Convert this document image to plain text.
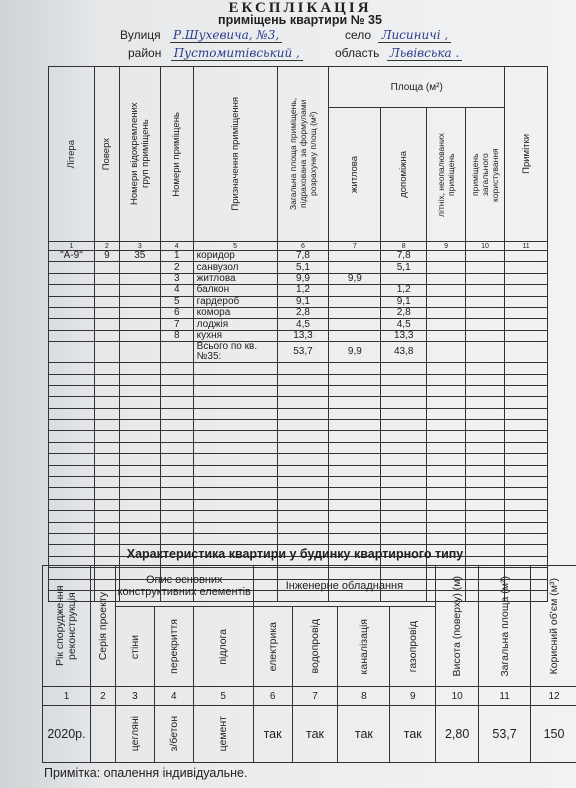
ЕКСПЛІКАЦІЯ
приміщень квартири № 35
Вулиця Р.Шухевича, №3,	село Лисиничі ,
район Пустомитівський ,	область Львівська .
Літера	Поверх	Номери відокремлених груп приміщень	Номери приміщень	Призначення приміщення	Загальна площа приміщень, підрахована за формулами розрахунку площ (м²)	Площа (м²)				Примітки

						житлова	допоміжна	літніх, неопалюваних приміщень	приміщень загального користування	

1	2	3	4	5	6	7	8	9	10	11
"А-9"	9	35	1	коридор	7,8		7,8			
			2	санвузол	5,1		5,1			
			3	житлова	9,9	9,9				
			4	балкон	1,2		1,2			
			5	гардероб	9,1		9,1			
			6	комора	2,8		2,8			
			7	лоджія	4,5		4,5			
			8	кухня	13,3		13,3			
				Всього по кв.№35:	53,7	9,9	43,8			

Характеристика квартири у будинку квартирного типу
Рік спорудження реконструкція	Серія проекту	Опис основних конструктивних елементів			Інженерне обладнання				Висота (поверху) (м)	Загальна площа (м²)	Корисний об'єм (м³)

		стіни	перекриття	підлога	електрика	водопровід	каналізація	газопровід			

1	2	3	4	5	6	7	8	9	10	11	12
2020р.		цегляні	з/бетон	цемент	так	так	так	так	2,80	53,7	150
Примітка: опалення індивідуальне.
